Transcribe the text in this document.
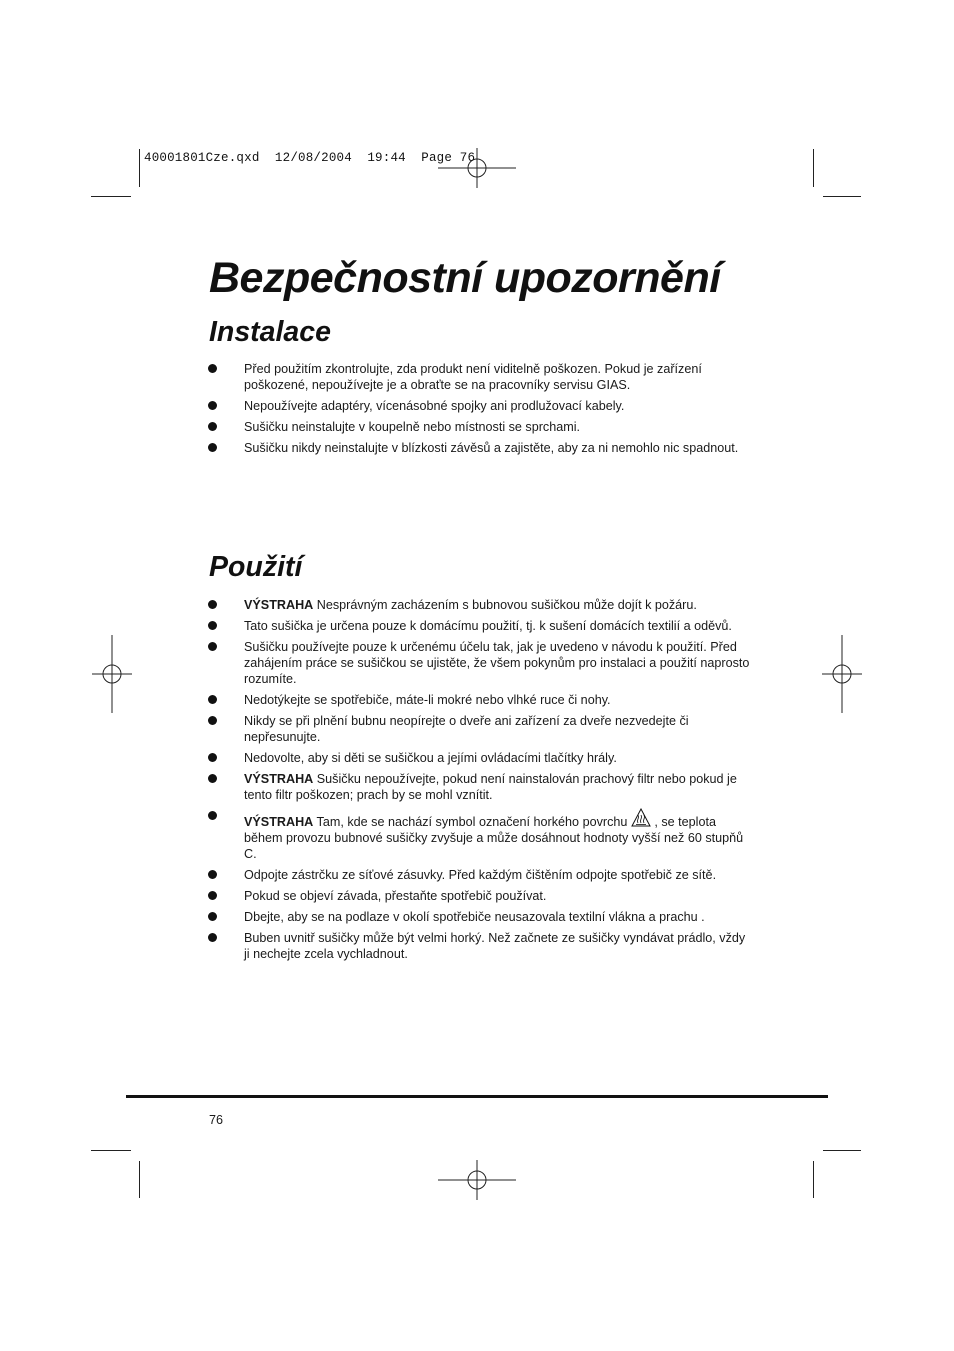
40001801Cze.qxd  12/08/2004  19:44  Page 76
Bezpečnostní upozornění
Instalace
Před použitím zkontrolujte, zda produkt není viditelně poškozen. Pokud je zařízení poškozené, nepoužívejte je a obraťte se na pracovníky servisu GIAS.
Nepoužívejte adaptéry, vícenásobné spojky ani prodlužovací kabely.
Sušičku neinstalujte v koupelně nebo místnosti se sprchami.
Sušičku nikdy neinstalujte v blízkosti závěsů a zajistěte, aby za ni nemohlo nic spadnout.
Použití
VÝSTRAHA Nesprávným zacházením s bubnovou sušičkou může dojít k požáru.
Tato sušička je určena pouze k domácímu použití, tj. k sušení domácích textilií a oděvů.
Sušičku používejte pouze k určenému účelu tak, jak je uvedeno v návodu k použití. Před zahájením práce se sušičkou se ujistěte, že všem pokynům pro instalaci a použití naprosto rozumíte.
Nedotýkejte se spotřebiče, máte-li mokré nebo vlhké ruce či nohy.
Nikdy se při plnění bubnu neopírejte o dveře ani zařízení za dveře nezvedejte či nepřesunujte.
Nedovolte, aby si děti se sušičkou a jejími ovládacími tlačítky hrály.
VÝSTRAHA Sušičku nepoužívejte, pokud není nainstalován prachový filtr nebo pokud je tento filtr poškozen; prach by se mohl vznítit.
VÝSTRAHA Tam, kde se nachází symbol označení horkého povrchu , se teplota během provozu bubnové sušičky zvyšuje a může dosáhnout hodnoty vyšší než 60 stupňů C.
Odpojte zástrčku ze síťové zásuvky. Před každým čištěním odpojte spotřebič ze sítě.
Pokud se objeví závada, přestaňte spotřebič používat.
Dbejte, aby se na podlaze v okolí spotřebiče neusazovala textilní vlákna a prachu .
Buben uvnitř sušičky může být velmi horký. Než začnete ze sušičky vyndávat prádlo, vždy ji nechejte zcela vychladnout.
76
